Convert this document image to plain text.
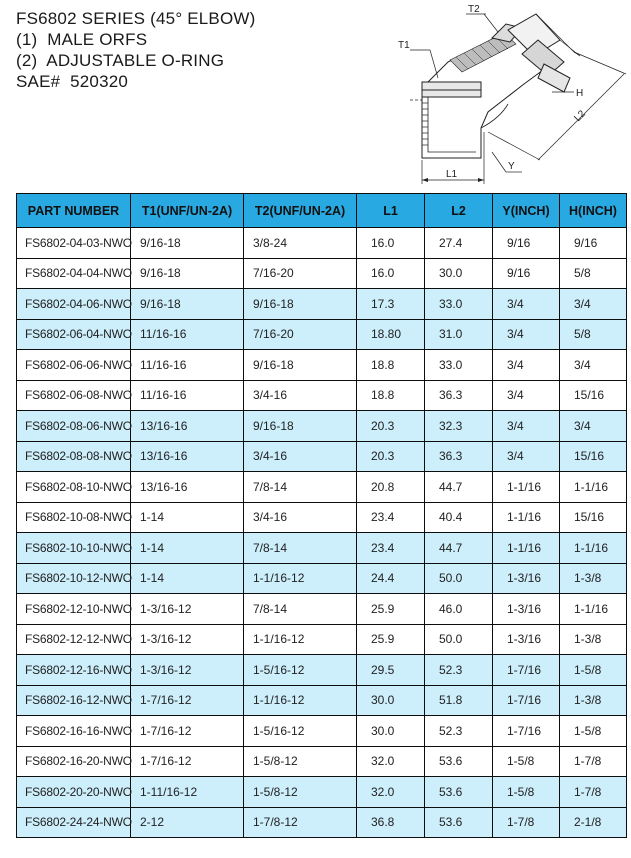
FS6802 SERIES (45° ELBOW)
(1)  MALE ORFS
(2)  ADJUSTABLE O-RING
SAE#  520320
T2
T1
H
L2
L1
Y
PART NUMBER	T1(UNF/UN-2A)	T2(UNF/UN-2A)	L1	L2	Y(INCH)	H(INCH)
FS6802-04-03-NWO	9/16-18	3/8-24	16.0	27.4	9/16	9/16
FS6802-04-04-NWO	9/16-18	7/16-20	16.0	30.0	9/16	5/8
FS6802-04-06-NWO	9/16-18	9/16-18	17.3	33.0	3/4	3/4
FS6802-06-04-NWO	11/16-16	7/16-20	18.80	31.0	3/4	5/8
FS6802-06-06-NWO	11/16-16	9/16-18	18.8	33.0	3/4	3/4
FS6802-06-08-NWO	11/16-16	3/4-16	18.8	36.3	3/4	15/16
FS6802-08-06-NWO	13/16-16	9/16-18	20.3	32.3	3/4	3/4
FS6802-08-08-NWO	13/16-16	3/4-16	20.3	36.3	3/4	15/16
FS6802-08-10-NWO	13/16-16	7/8-14	20.8	44.7	1-1/16	1-1/16
FS6802-10-08-NWO	1-14	3/4-16	23.4	40.4	1-1/16	15/16
FS6802-10-10-NWO	1-14	7/8-14	23.4	44.7	1-1/16	1-1/16
FS6802-10-12-NWO	1-14	1-1/16-12	24.4	50.0	1-3/16	1-3/8
FS6802-12-10-NWO	1-3/16-12	7/8-14	25.9	46.0	1-3/16	1-1/16
FS6802-12-12-NWO	1-3/16-12	1-1/16-12	25.9	50.0	1-3/16	1-3/8
FS6802-12-16-NWO	1-3/16-12	1-5/16-12	29.5	52.3	1-7/16	1-5/8
FS6802-16-12-NWO	1-7/16-12	1-1/16-12	30.0	51.8	1-7/16	1-3/8
FS6802-16-16-NWO	1-7/16-12	1-5/16-12	30.0	52.3	1-7/16	1-5/8
FS6802-16-20-NWO	1-7/16-12	1-5/8-12	32.0	53.6	1-5/8	1-7/8
FS6802-20-20-NWO	1-11/16-12	1-5/8-12	32.0	53.6	1-5/8	1-7/8
FS6802-24-24-NWO	2-12	1-7/8-12	36.8	53.6	1-7/8	2-1/8
